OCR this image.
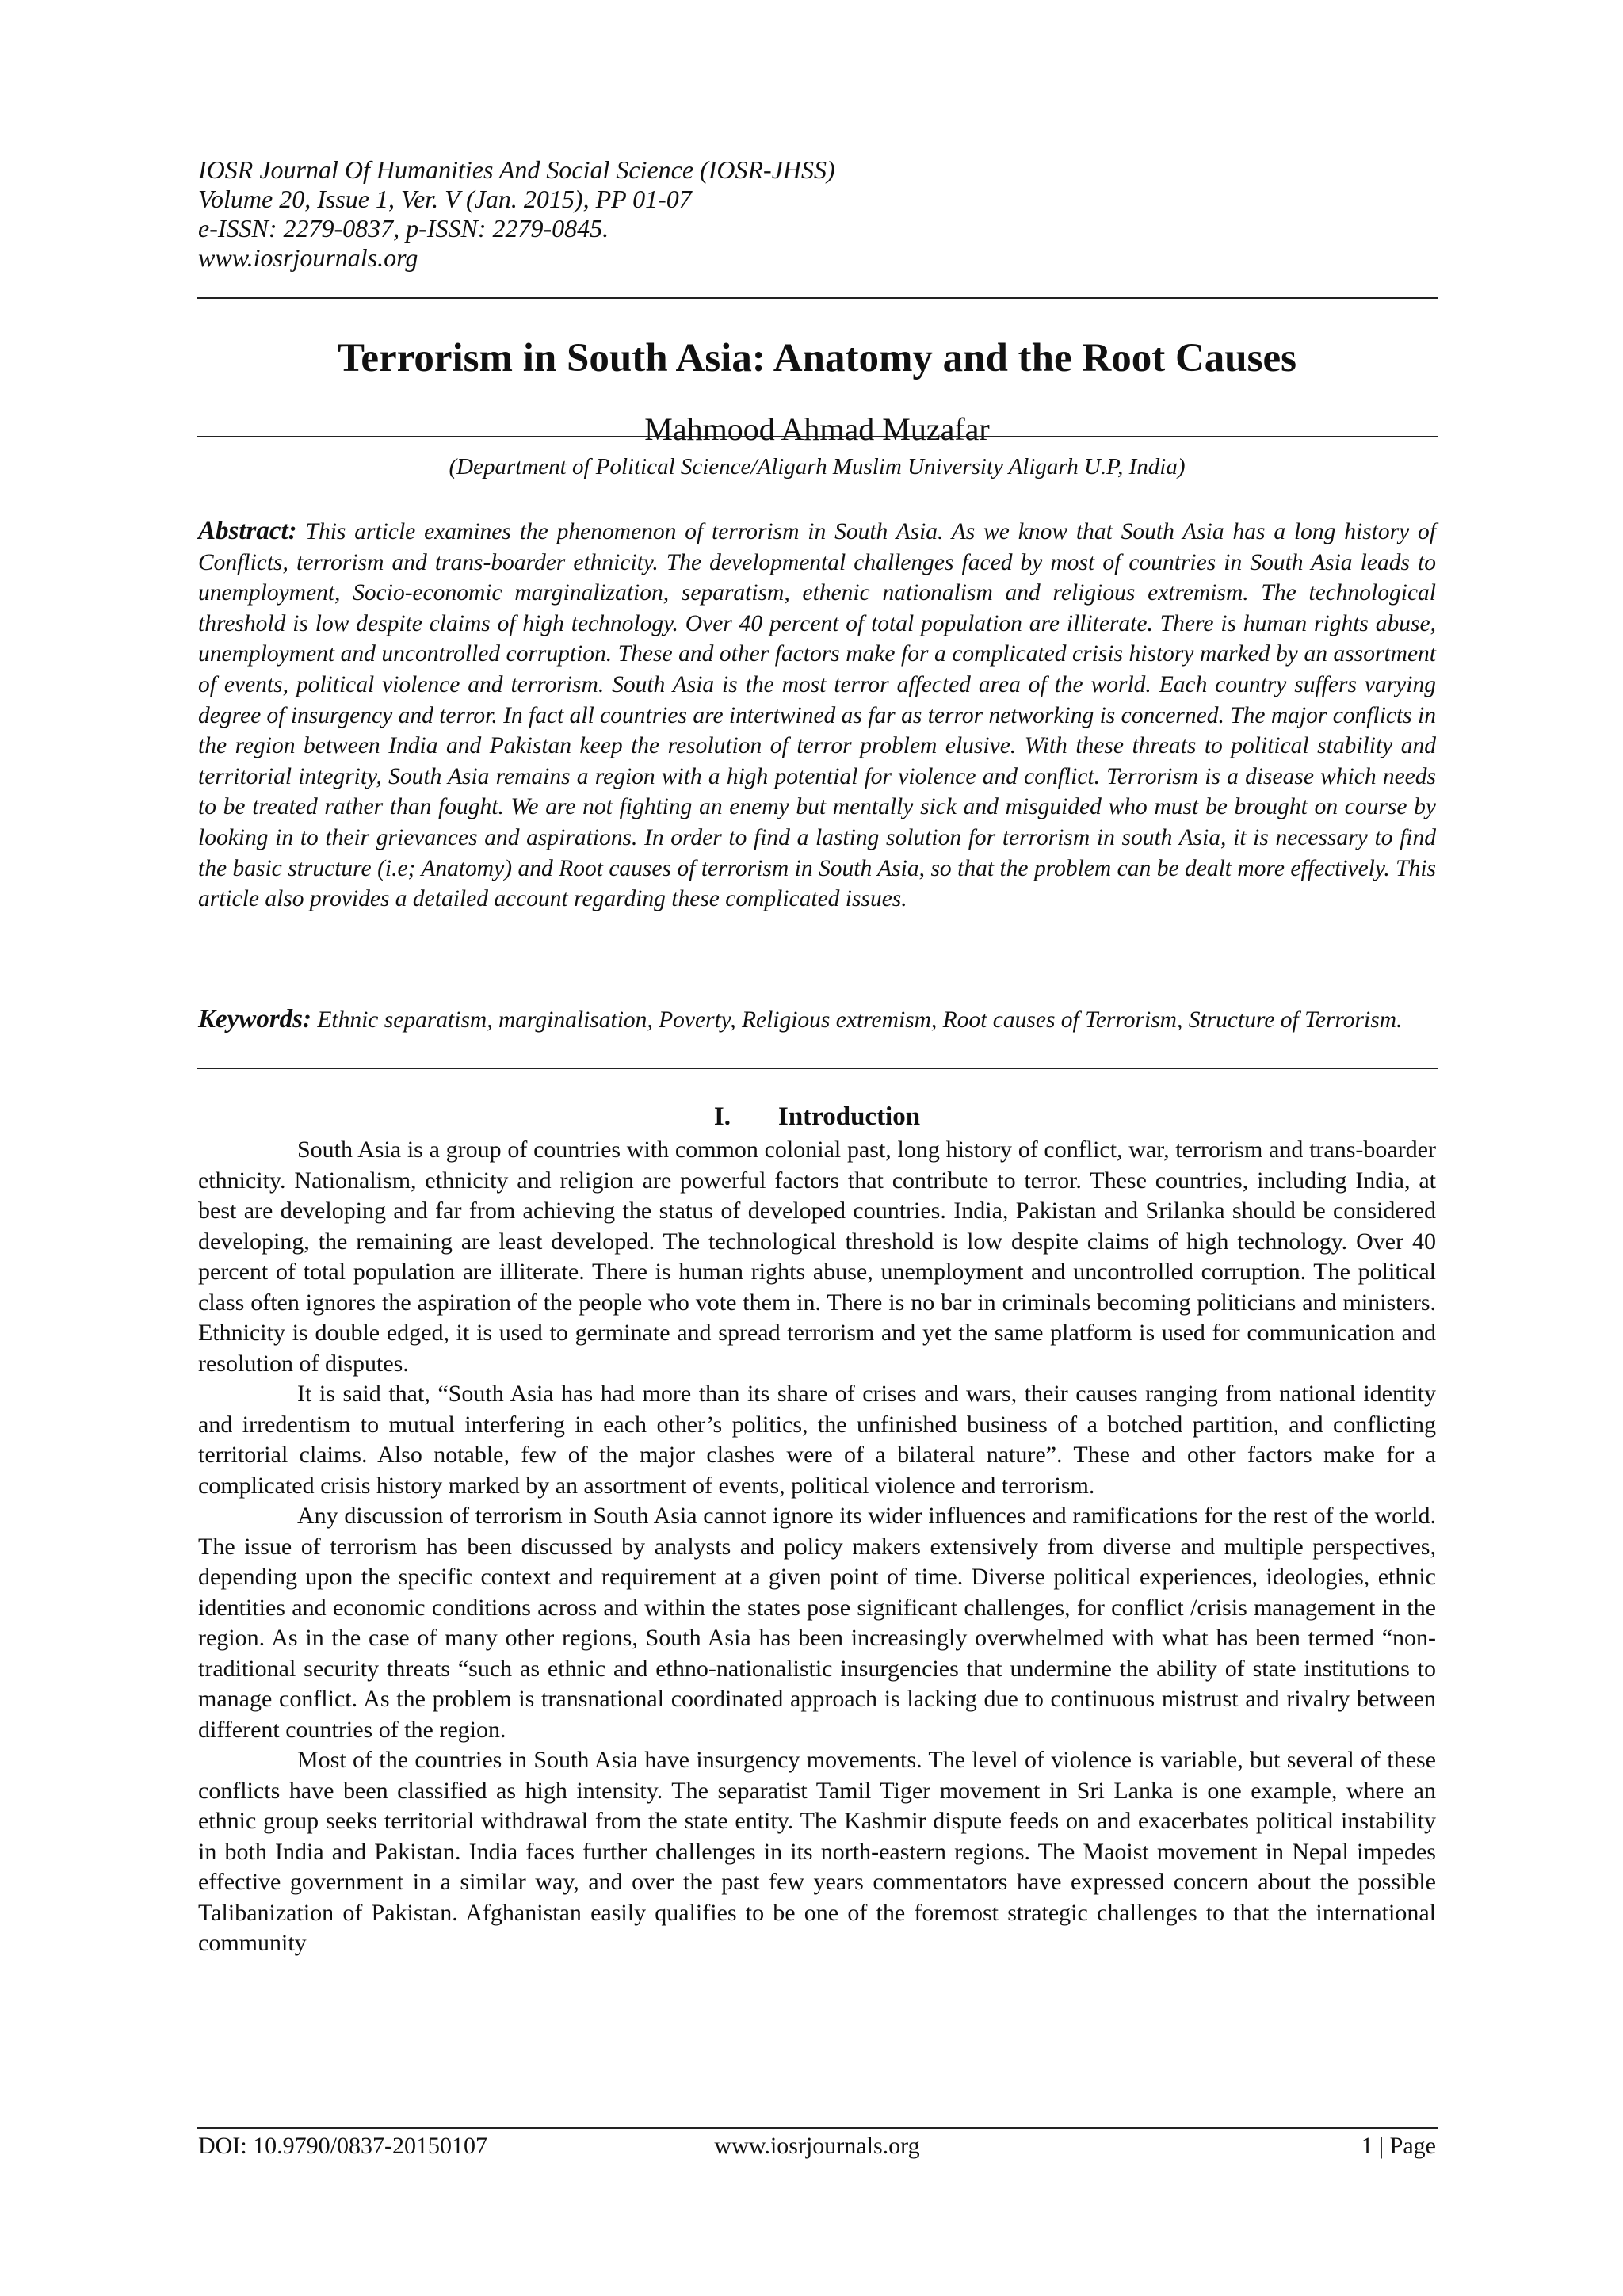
IOSR Journal Of Humanities And Social Science (IOSR-JHSS)
Volume 20, Issue 1, Ver. V (Jan. 2015), PP 01-07
e-ISSN: 2279-0837, p-ISSN: 2279-0845.
www.iosrjournals.org
Terrorism in South Asia: Anatomy and the Root Causes
Mahmood Ahmad Muzafar
(Department of Political Science/Aligarh Muslim University Aligarh U.P, India)

Abstract: This article examines the phenomenon of terrorism in South Asia. As we know that South Asia has a long history of Conflicts, terrorism and trans-boarder ethnicity. The developmental challenges faced by most of countries in South Asia leads to unemployment, Socio-economic marginalization, separatism, ethenic nationalism and religious extremism. The technological threshold is low despite claims of high technology. Over 40 percent of total population are illiterate. There is human rights abuse, unemployment and uncontrolled corruption. These and other factors make for a complicated crisis history marked by an assortment of events, political violence and terrorism. South Asia is the most terror affected area of the world. Each country suffers varying degree of insurgency and terror. In fact all countries are intertwined as far as terror networking is concerned. The major conflicts in the region between India and Pakistan keep the resolution of terror problem elusive. With these threats to political stability and territorial integrity, South Asia remains a region with a high potential for violence and conflict. Terrorism is a disease which needs to be treated rather than fought. We are not fighting an enemy but mentally sick and misguided who must be brought on course by looking in to their grievances and aspirations. In order to find a lasting solution for terrorism in south Asia, it is necessary to find the basic structure (i.e; Anatomy) and Root causes of terrorism in South Asia, so that the problem can be dealt more effectively. This article also provides a detailed account regarding these complicated issues.

Keywords: Ethnic separatism, marginalisation, Poverty, Religious extremism, Root causes of Terrorism, Structure of Terrorism.

I. Introduction

South Asia is a group of countries with common colonial past, long history of conflict, war, terrorism and trans-boarder ethnicity. Nationalism, ethnicity and religion are powerful factors that contribute to terror. These countries, including India, at best are developing and far from achieving the status of developed countries. India, Pakistan and Srilanka should be considered developing, the remaining are least developed. The technological threshold is low despite claims of high technology. Over 40 percent of total population are illiterate. There is human rights abuse, unemployment and uncontrolled corruption. The political class often ignores the aspiration of the people who vote them in. There is no bar in criminals becoming politicians and ministers. Ethnicity is double edged, it is used to germinate and spread terrorism and yet the same platform is used for communication and resolution of disputes.

It is said that, “South Asia has had more than its share of crises and wars, their causes ranging from national identity and irredentism to mutual interfering in each other’s politics, the unfinished business of a botched partition, and conflicting territorial claims. Also notable, few of the major clashes were of a bilateral nature”. These and other factors make for a complicated crisis history marked by an assortment of events, political violence and terrorism.

Any discussion of terrorism in South Asia cannot ignore its wider influences and ramifications for the rest of the world. The issue of terrorism has been discussed by analysts and policy makers extensively from diverse and multiple perspectives, depending upon the specific context and requirement at a given point of time. Diverse political experiences, ideologies, ethnic identities and economic conditions across and within the states pose significant challenges, for conflict /crisis management in the region. As in the case of many other regions, South Asia has been increasingly overwhelmed with what has been termed “non-traditional security threats “such as ethnic and ethno-nationalistic insurgencies that undermine the ability of state institutions to manage conflict. As the problem is transnational coordinated approach is lacking due to continuous mistrust and rivalry between different countries of the region.

Most of the countries in South Asia have insurgency movements. The level of violence is variable, but several of these conflicts have been classified as high intensity. The separatist Tamil Tiger movement in Sri Lanka is one example, where an ethnic group seeks territorial withdrawal from the state entity. The Kashmir dispute feeds on and exacerbates political instability in both India and Pakistan. India faces further challenges in its north-eastern regions. The Maoist movement in Nepal impedes effective government in a similar way, and over the past few years commentators have expressed concern about the possible Talibanization of Pakistan. Afghanistan easily qualifies to be one of the foremost strategic challenges to that the international community

DOI: 10.9790/0837-20150107	www.iosrjournals.org	1 | Page
